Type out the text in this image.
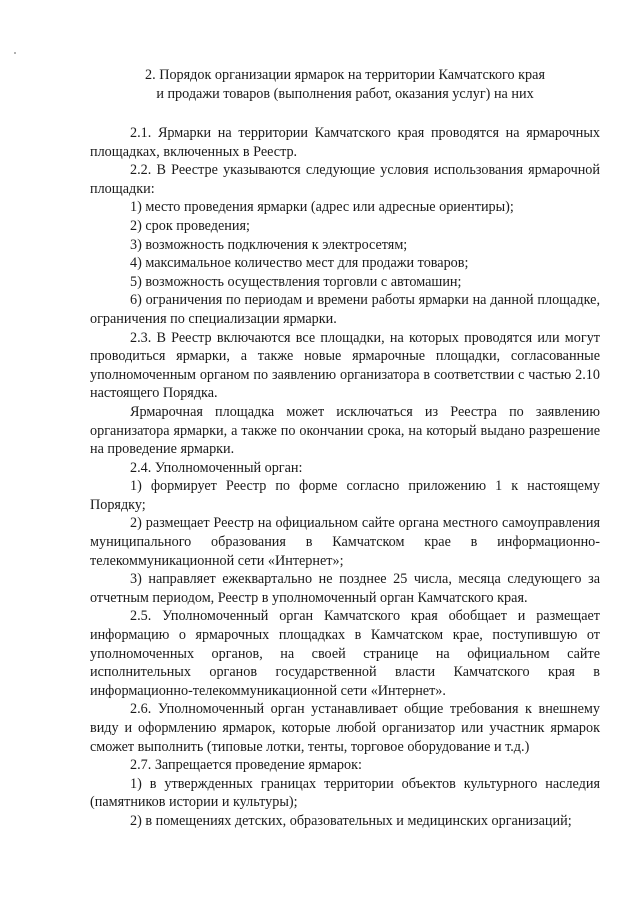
2. Порядок организации ярмарок на территории Камчатского края
и продажи товаров (выполнения работ, оказания услуг) на них

2.1. Ярмарки на территории Камчатского края проводятся на ярмарочных площадках, включенных в Реестр.

2.2. В Реестре указываются следующие условия использования ярмарочной площадки:

1) место проведения ярмарки (адрес или адресные ориентиры);

2) срок проведения;

3) возможность подключения к электросетям;

4) максимальное количество мест для продажи товаров;

5) возможность осуществления торговли с автомашин;

6) ограничения по периодам и времени работы ярмарки на данной площадке, ограничения по специализации ярмарки.

2.3. В Реестр включаются все площадки, на которых проводятся или могут проводиться ярмарки, а также новые ярмарочные площадки, согласованные уполномоченным органом по заявлению организатора в соответствии с частью 2.10 настоящего Порядка.

Ярмарочная площадка может исключаться из Реестра по заявлению организатора ярмарки, а также по окончании срока, на который выдано разрешение на проведение ярмарки.

2.4. Уполномоченный орган:

1) формирует Реестр по форме согласно приложению 1 к настоящему Порядку;

2) размещает Реестр на официальном сайте органа местного самоуправления муниципального образования в Камчатском крае в информационно-телекоммуникационной сети «Интернет»;

3) направляет ежеквартально не позднее 25 числа, месяца следующего за отчетным периодом, Реестр в уполномоченный орган Камчатского края.

2.5. Уполномоченный орган Камчатского края обобщает и размещает информацию о ярмарочных площадках в Камчатском крае, поступившую от уполномоченных органов, на своей странице на официальном сайте исполнительных органов государственной власти Камчатского края в информационно-телекоммуникационной сети «Интернет».

2.6. Уполномоченный орган устанавливает общие требования к внешнему виду и оформлению ярмарок, которые любой организатор или участник ярмарок сможет выполнить (типовые лотки, тенты, торговое оборудование и т.д.)

2.7. Запрещается проведение ярмарок:

1) в утвержденных границах территории объектов культурного наследия (памятников истории и культуры);

2) в помещениях детских, образовательных и медицинских организаций;
